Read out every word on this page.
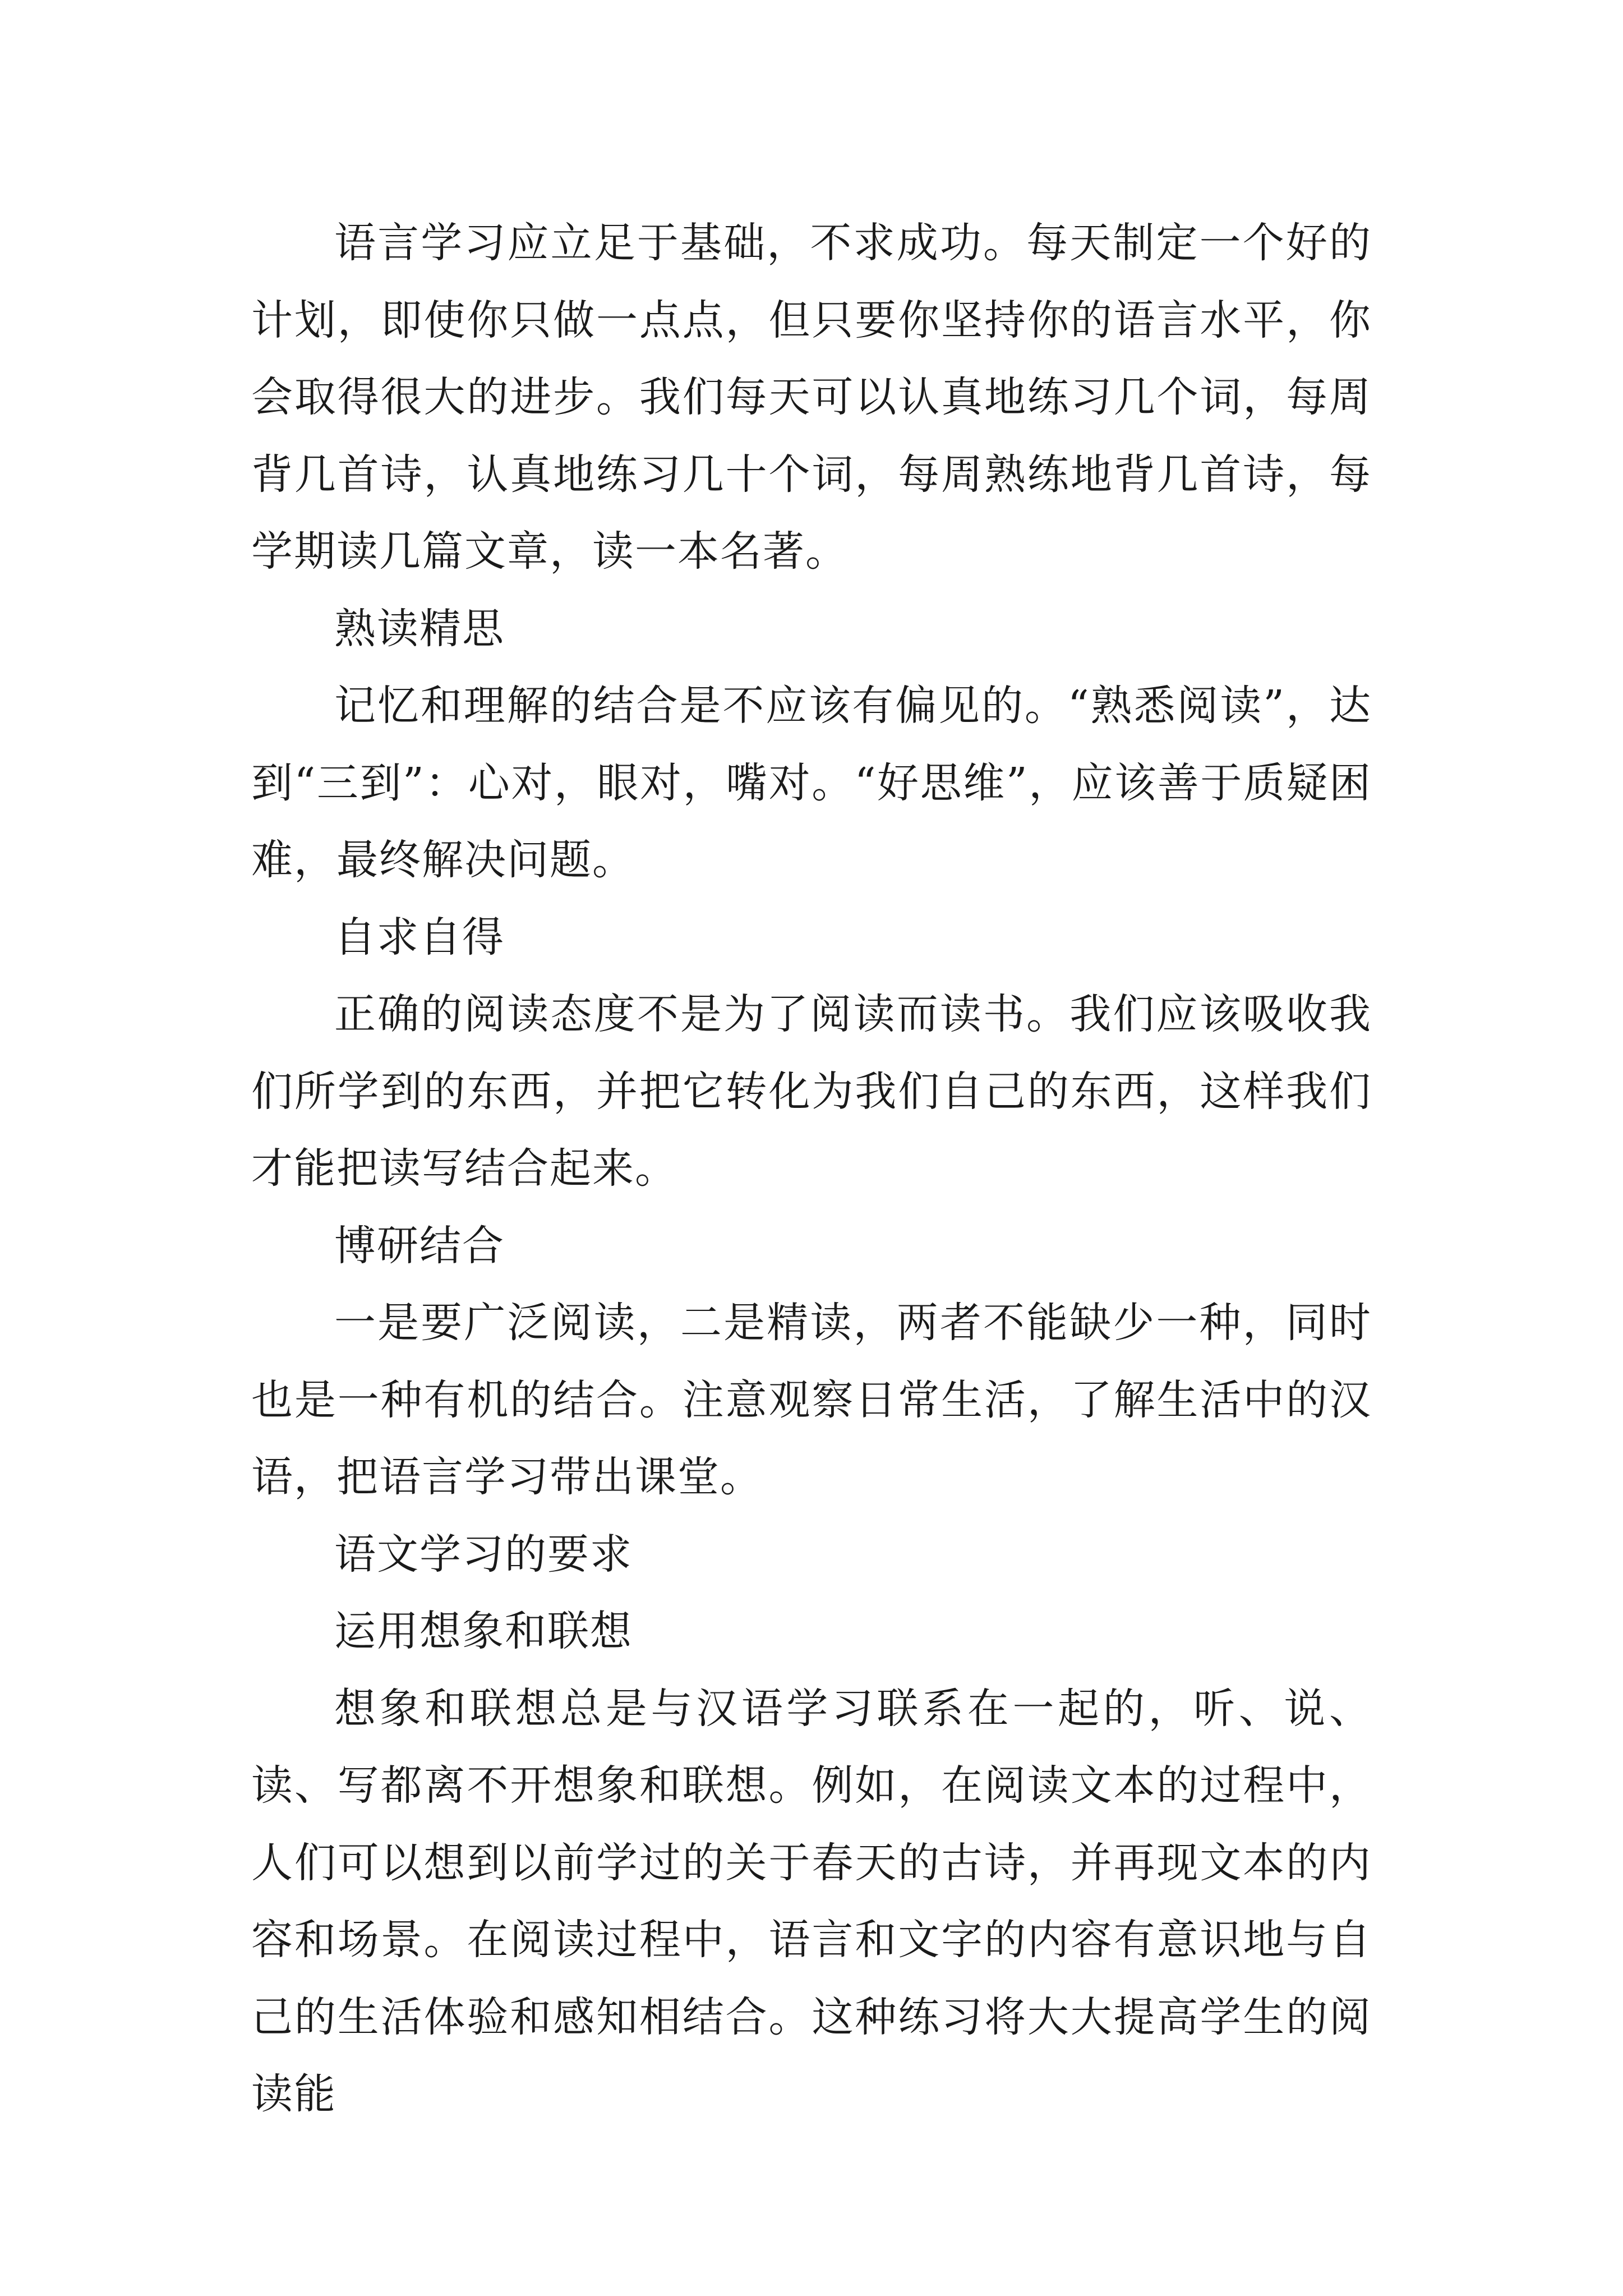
语言学习应立足于基础，不求成功。每天制定一个好的计划，即使你只做一点点，但只要你坚持你的语言水平，你会取得很大的进步。我们每天可以认真地练习几个词，每周背几首诗，认真地练习几十个词，每周熟练地背几首诗，每学期读几篇文章，读一本名著。

熟读精思

记忆和理解的结合是不应该有偏见的。“熟悉阅读”，达到“三到”：心对，眼对，嘴对。“好思维”，应该善于质疑困难，最终解决问题。

自求自得

正确的阅读态度不是为了阅读而读书。我们应该吸收我们所学到的东西，并把它转化为我们自己的东西，这样我们才能把读写结合起来。

博研结合

一是要广泛阅读，二是精读，两者不能缺少一种，同时也是一种有机的结合。注意观察日常生活，了解生活中的汉语，把语言学习带出课堂。

语文学习的要求

运用想象和联想

想象和联想总是与汉语学习联系在一起的，听、说、读、写都离不开想象和联想。例如，在阅读文本的过程中，人们可以想到以前学过的关于春天的古诗，并再现文本的内容和场景。在阅读过程中，语言和文字的内容有意识地与自己的生活体验和感知相结合。这种练习将大大提高学生的阅读能
